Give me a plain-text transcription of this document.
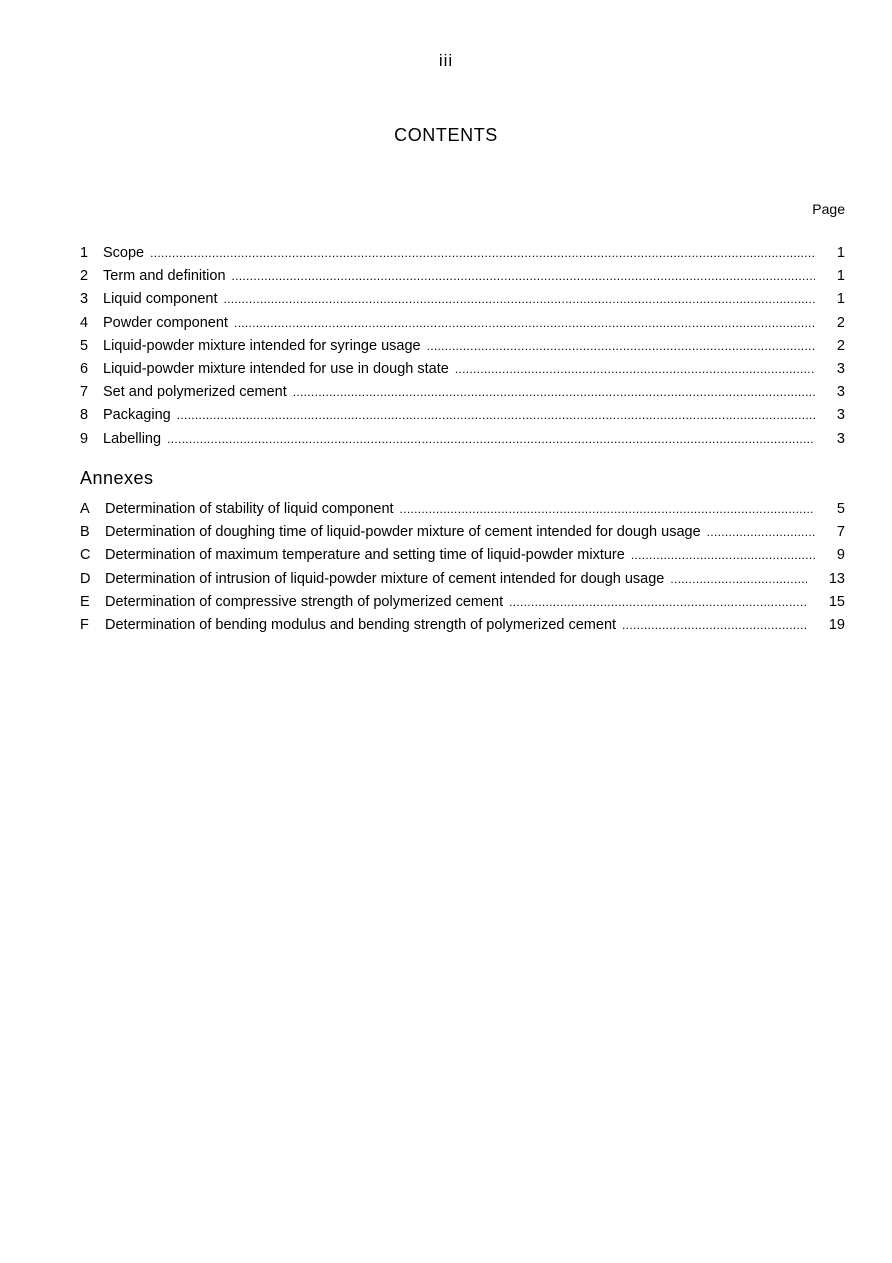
iii
CONTENTS
Page
1	Scope .....	1
2	Term and definition .....	1
3	Liquid component .....	1
4	Powder component .....	2
5	Liquid-powder mixture intended for syringe usage .....	2
6	Liquid-powder mixture intended for use in dough state .....	3
7	Set and polymerized cement .....	3
8	Packaging .....	3
9	Labelling .....	3
Annexes
A	Determination of stability of liquid component .....	5
B	Determination of doughing time of liquid-powder mixture of cement intended for dough usage .....	7
C	Determination of maximum temperature and setting time of liquid-powder mixture .....	9
D	Determination of intrusion of liquid-powder mixture of cement intended for dough usage .....	13
E	Determination of compressive strength of polymerized cement .....	15
F	Determination of bending modulus and bending strength of polymerized cement .....	19
